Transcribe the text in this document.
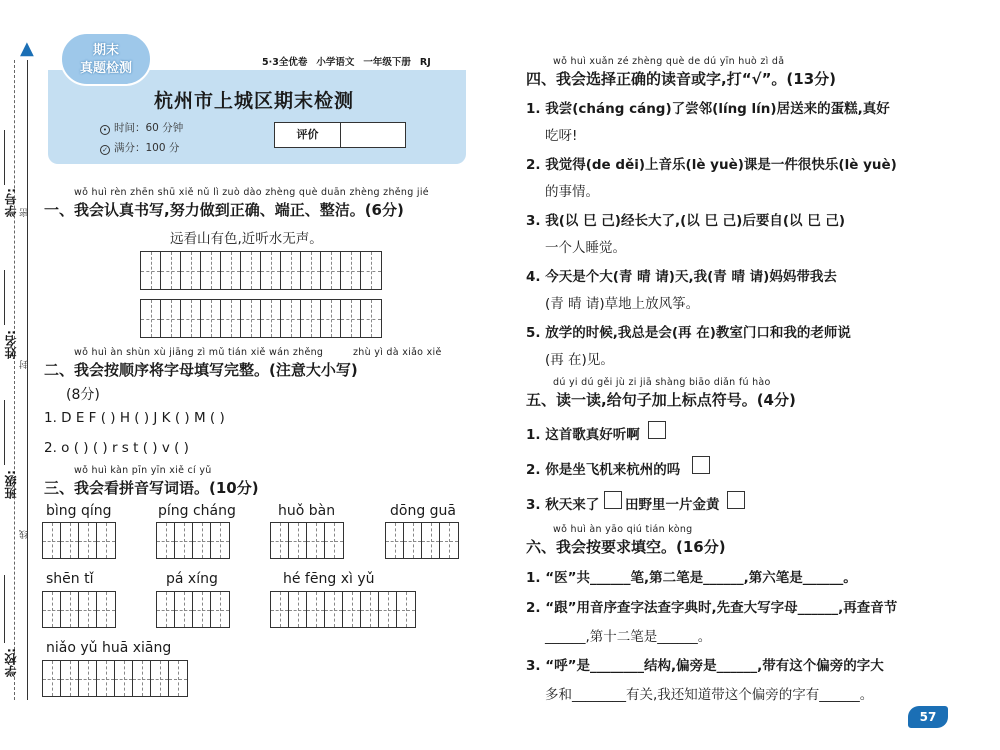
▲
学号:
姓名:
班级:
学校:
密
封
线
5·3全优卷 小学语文 一年级下册 RJ
期末
真题检测
杭州市上城区期末检测
• 时间：60 分钟
✓ 满分：100 分
评价
wǒ huì rèn zhēn shū xiě nǔ lì zuò dào zhèng què duān zhèng zhěng jié
一、我会认真书写,努力做到正确、端正、整洁。(6分)
远看山有色,近听水无声。
wǒ huì àn shùn xù jiāng zì mǔ tián xiě wán zhěng	zhù yì dà xiǎo xiě
二、我会按顺序将字母填写完整。(注意大小写)
(8分)
1. D E F ( ) H ( ) J K ( ) M ( )
2. o ( ) ( ) r s t ( ) v ( )
wǒ huì kàn pīn yīn xiě cí yǔ
三、我会看拼音写词语。(10分)
bìng qíng	píng cháng	huǒ bàn	dōng guā
shēn tǐ	pá xíng	hé fēng xì yǔ
niǎo yǔ huā xiāng
wǒ huì xuǎn zé zhèng què de dú yīn huò zì dǎ
四、我会选择正确的读音或字,打“√”。(13分)
1. 我尝(cháng cáng)了尝邻(líng lín)居送来的蛋糕,真好
吃呀!
2. 我觉得(de děi)上音乐(lè yuè)课是一件很快乐(lè yuè)
的事情。
3. 我(以 巳 己)经长大了,(以 巳 己)后要自(以 巳 己)
一个人睡觉。
4. 今天是个大(青 晴 请)天,我(青 晴 请)妈妈带我去
(青 晴 请)草地上放风筝。
5. 放学的时候,我总是会(再 在)教室门口和我的老师说
(再 在)见。
dú yi dú gěi jù zi jiā shàng biāo diǎn fú hào
五、读一读,给句子加上标点符号。(4分)
1. 这首歌真好听啊
2. 你是坐飞机来杭州的吗
3. 秋天来了 田野里一片金黄
wǒ huì àn yāo qiú tián kòng
六、我会按要求填空。(16分)
1. “医”共______笔,第二笔是______,第六笔是______。
2. “跟”用音序查字法查字典时,先查大写字母______,再查音节
______,第十二笔是______。
3. “呼”是________结构,偏旁是______,带有这个偏旁的字大
多和________有关,我还知道带这个偏旁的字有______。
57
